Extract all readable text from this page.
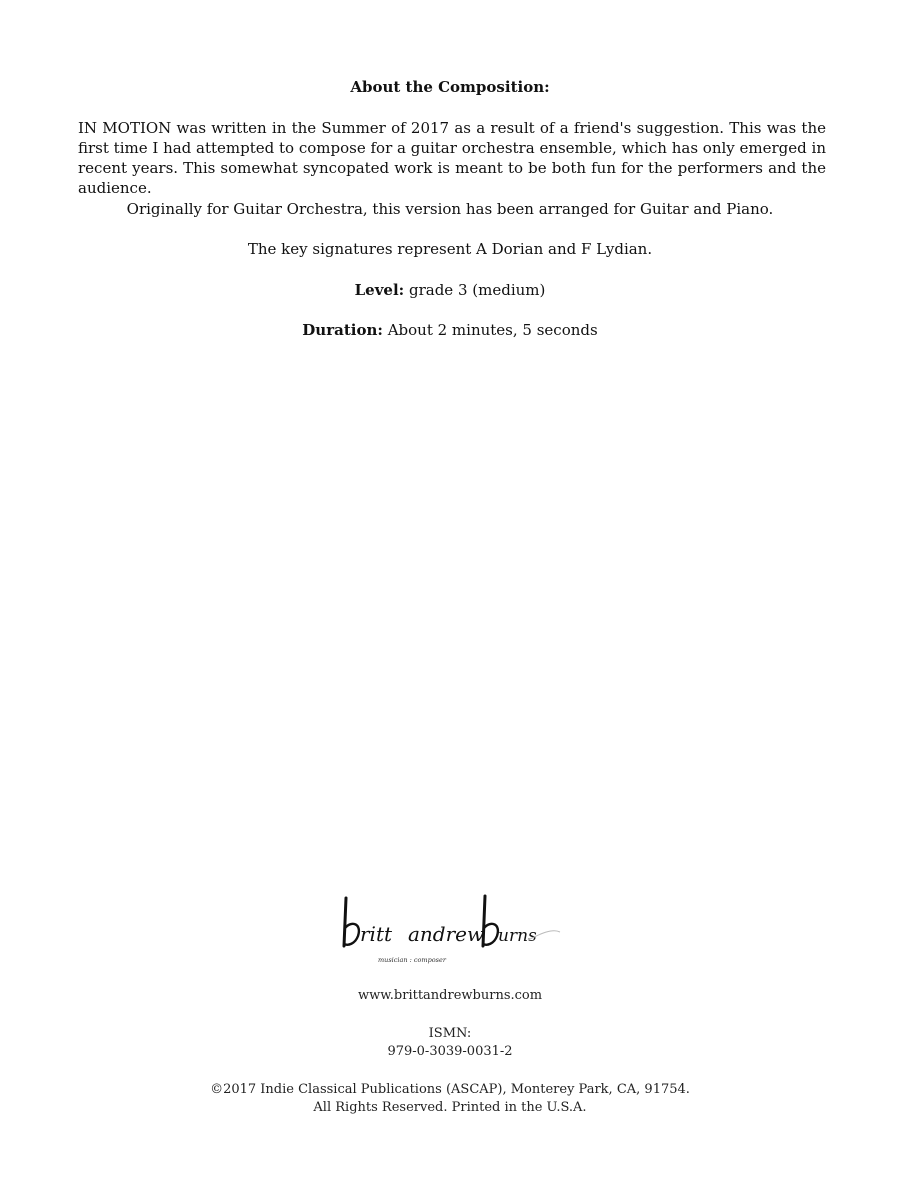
About the Composition:
IN MOTION was written in the Summer of 2017 as a result of a friend's suggestion. This was the first time I had attempted to compose for a guitar orchestra ensemble, which has only emerged in recent years. This somewhat syncopated work is meant to be both fun for the performers and the audience.
Originally for Guitar Orchestra, this version has been arranged for Guitar and Piano.
The key signatures represent A Dorian and F Lydian.
Level: grade 3 (medium)
Duration: About 2 minutes, 5 seconds
ritt andrew urns
musician : composer
www.brittandrewburns.com
ISMN:
979-0-3039-0031-2
©2017 Indie Classical Publications (ASCAP), Monterey Park, CA, 91754.
All Rights Reserved. Printed in the U.S.A.
